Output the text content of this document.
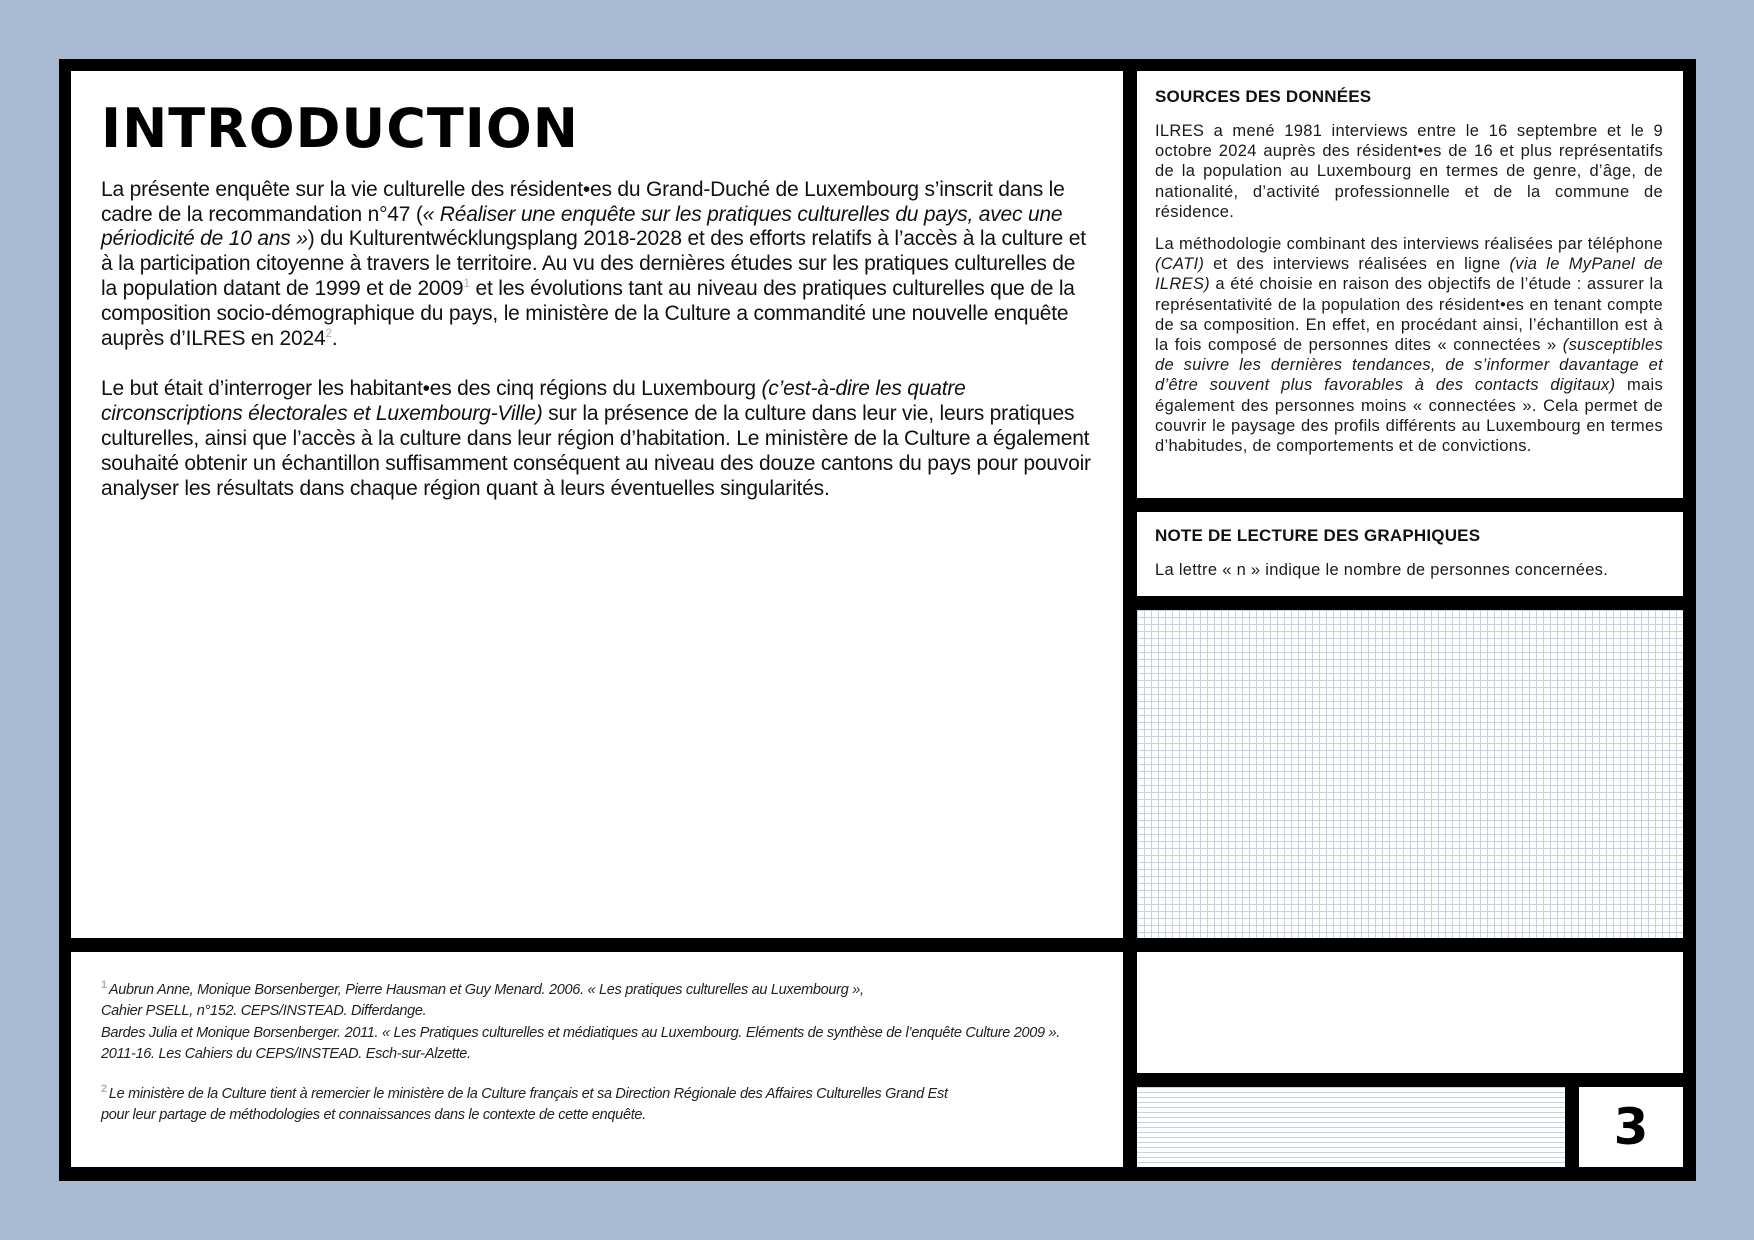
INTRODUCTION

La présente enquête sur la vie culturelle des résident•es du Grand-Duché de Luxembourg s’inscrit dans le cadre de la recommandation n°47 (« Réaliser une enquête sur les pratiques culturelles du pays, avec une périodicité de 10 ans ») du Kulturentwécklungsplang 2018-2028 et des efforts relatifs à l’accès à la culture et à la participation citoyenne à travers le territoire. Au vu des dernières études sur les pratiques culturelles de la population datant de 1999 et de 2009$^1$ et les évolutions tant au niveau des pratiques culturelles que de la composition socio-démographique du pays, le ministère de la Culture a commandité une nouvelle enquête auprès d’ILRES en 2024$^2$.

Le but était d’interroger les habitant•es des cinq régions du Luxembourg (c’est-à-dire les quatre circonscriptions électorales et Luxembourg-Ville) sur la présence de la culture dans leur vie, leurs pratiques culturelles, ainsi que l’accès à la culture dans leur région d’habitation. Le ministère de la Culture a également souhaité obtenir un échantillon suffisamment conséquent au niveau des douze cantons du pays pour pouvoir analyser les résultats dans chaque région quant à leurs éventuelles singularités.

SOURCES DES DONNÉES

ILRES a mené 1981 interviews entre le 16 septembre et le 9 octobre 2024 auprès des résident•es de 16 et plus représentatifs de la population au Luxembourg en termes de genre, d’âge, de nationalité, d’activité professionnelle et de la commune de résidence.

La méthodologie combinant des interviews réalisées par téléphone (CATI) et des interviews réalisées en ligne (via le MyPanel de ILRES) a été choisie en raison des objectifs de l’étude : assurer la représentativité de la population des résident•es en tenant compte de sa composition. En effet, en procédant ainsi, l’échantillon est à la fois composé de personnes dites « connectées » (susceptibles de suivre les dernières tendances, de s’informer davantage et d’être souvent plus favorables à des contacts digitaux) mais également des personnes moins « connectées ». Cela permet de couvrir le paysage des profils différents au Luxembourg en termes d’habitudes, de comportements et de convictions.

NOTE DE LECTURE DES GRAPHIQUES

La lettre « n » indique le nombre de personnes concernées.

$^1$ Aubrun Anne, Monique Borsenberger, Pierre Hausman et Guy Menard. 2006. « Les pratiques culturelles au Luxembourg »,
Cahier PSELL, n°152. CEPS/INSTEAD. Differdange.
Bardes Julia et Monique Borsenberger. 2011. « Les Pratiques culturelles et médiatiques au Luxembourg. Eléments de synthèse de l’enquête Culture 2009 ».
2011-16. Les Cahiers du CEPS/INSTEAD. Esch-sur-Alzette.

$^2$ Le ministère de la Culture tient à remercier le ministère de la Culture français et sa Direction Régionale des Affaires Culturelles Grand Est
pour leur partage de méthodologies et connaissances dans le contexte de cette enquête.	3
